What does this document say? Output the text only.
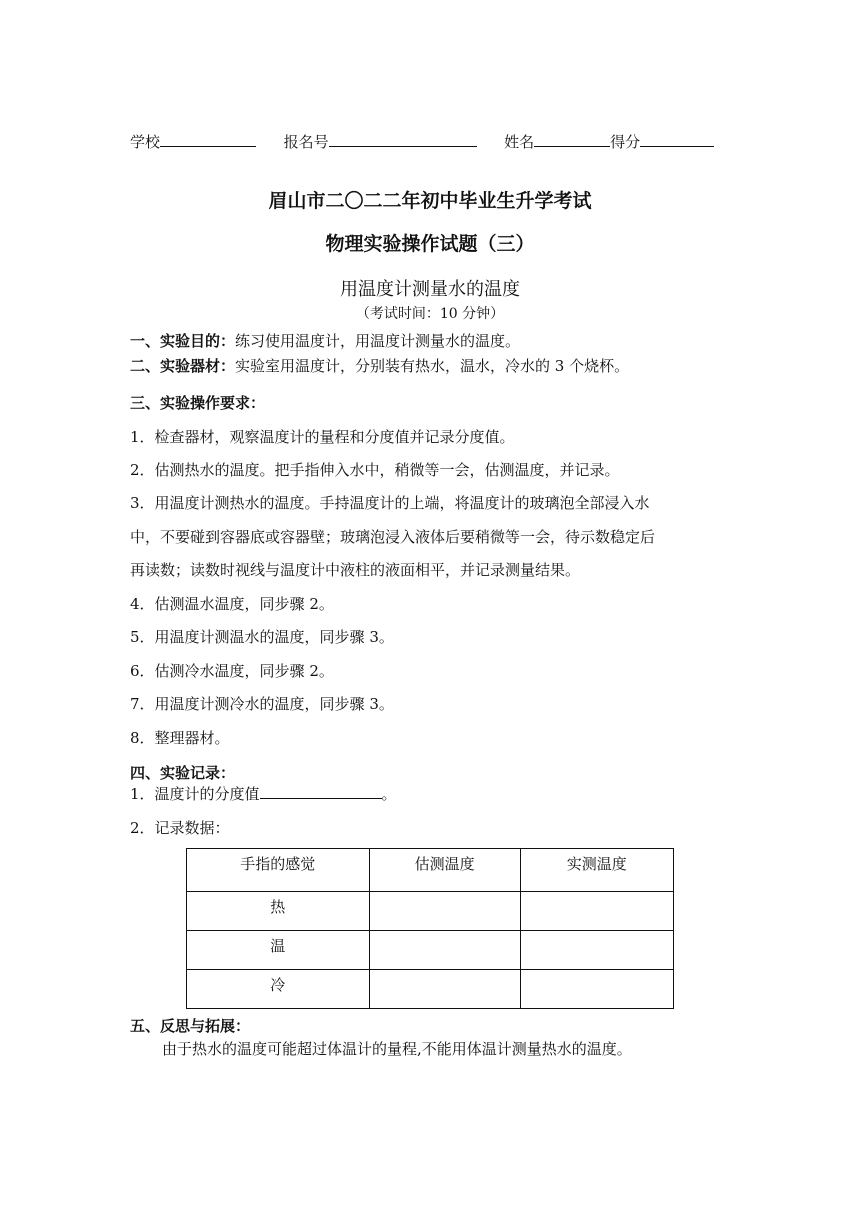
学校	报名号	姓名	得分
眉山市二〇二二年初中毕业生升学考试
物理实验操作试题（三）
用温度计测量水的温度
（考试时间：10 分钟）
一、实验目的：练习使用温度计，用温度计测量水的温度。
二、实验器材：实验室用温度计，分别装有热水，温水，冷水的 3 个烧杯。
三、实验操作要求：
1．检查器材，观察温度计的量程和分度值并记录分度值。
2．估测热水的温度。把手指伸入水中，稍微等一会，估测温度，并记录。
3．用温度计测热水的温度。手持温度计的上端，将温度计的玻璃泡全部浸入水
中，不要碰到容器底或容器壁；玻璃泡浸入液体后要稍微等一会，待示数稳定后
再读数；读数时视线与温度计中液柱的液面相平，并记录测量结果。
4．估测温水温度，同步骤 2。
5．用温度计测温水的温度，同步骤 3。
6．估测冷水温度，同步骤 2。
7．用温度计测冷水的温度，同步骤 3。
8．整理器材。
四、实验记录：
1．温度计的分度值	。
2．记录数据：
手指的感觉	估测温度	实测温度
热		
温		
冷		
五、反思与拓展：
由于热水的温度可能超过体温计的量程,不能用体温计测量热水的温度。
